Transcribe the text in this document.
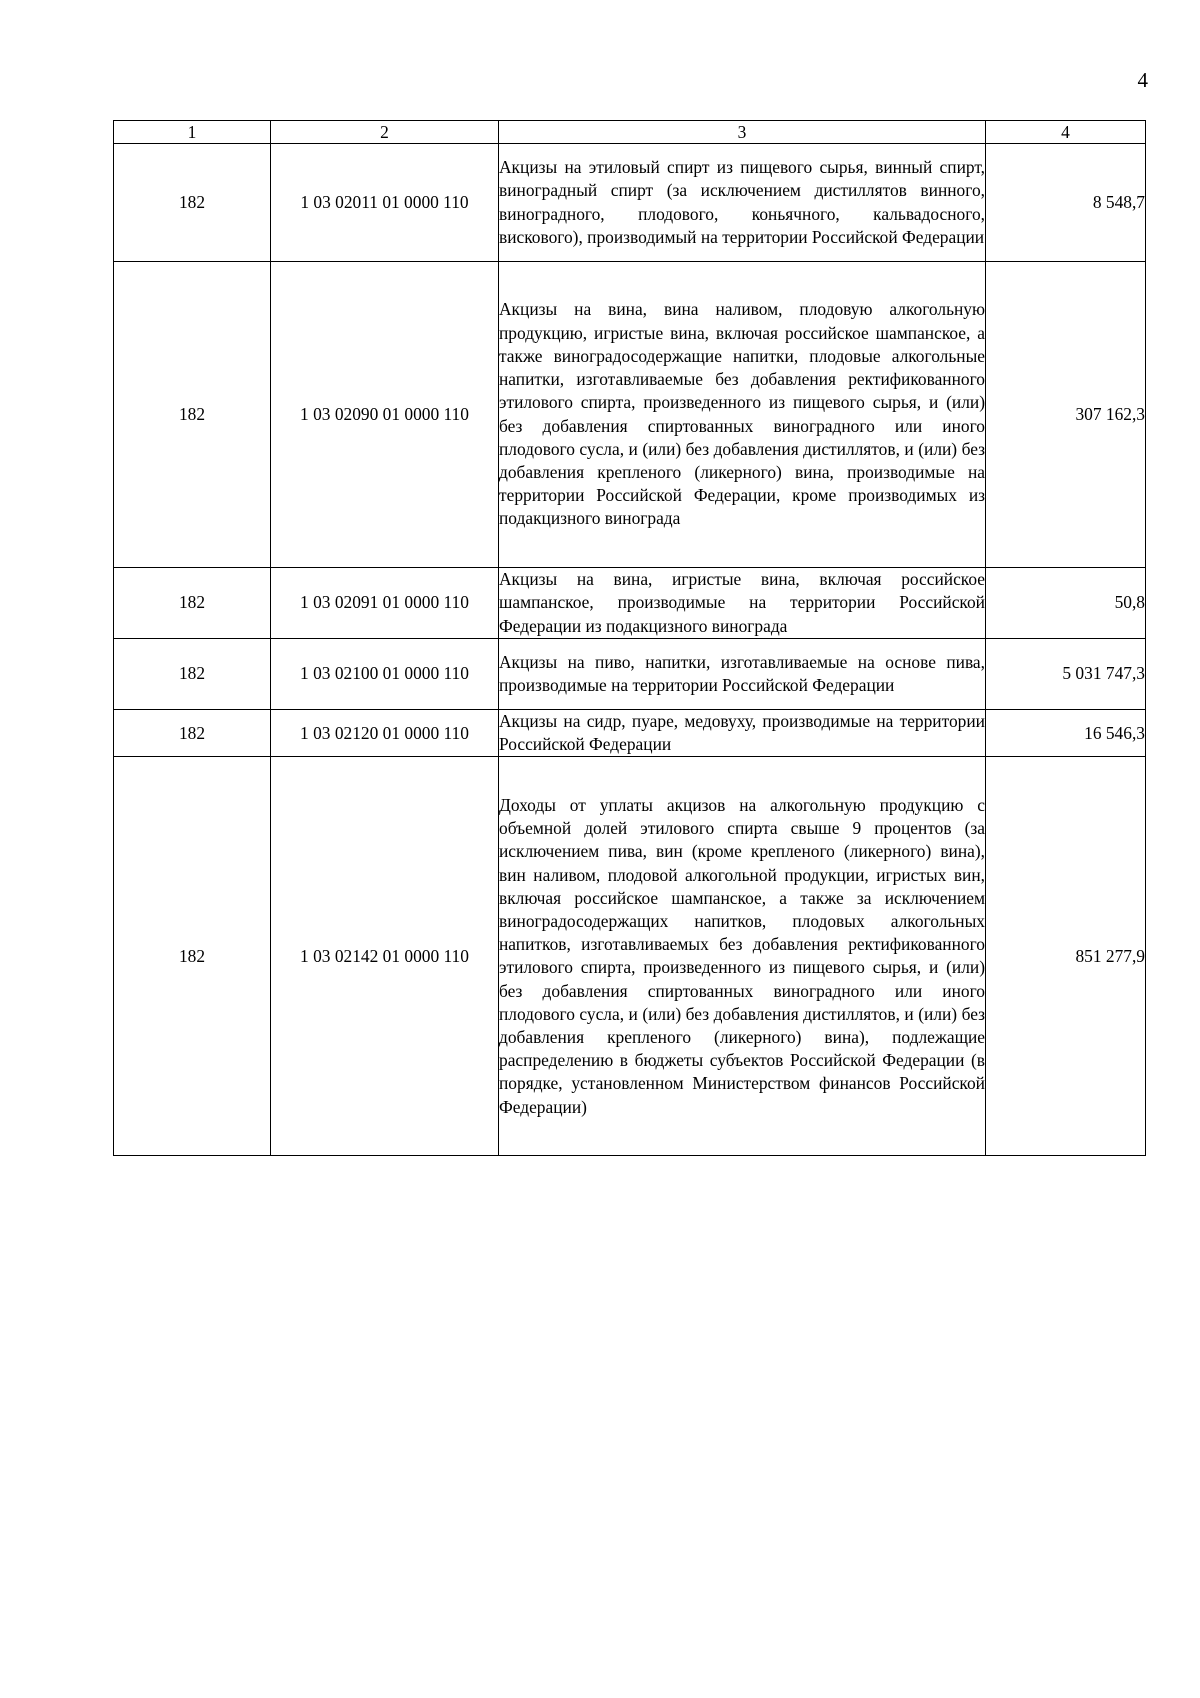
4
1	2	3	4
182	1 03 02011 01 0000 110	Акцизы на этиловый спирт из пищевого сырья, винный спирт, виноградный спирт (за исключением дистиллятов винного, виноградного, плодового, коньячного, кальвадосного, вискового), производимый на территории Российской Федерации	8 548,7
182	1 03 02090 01 0000 110	Акцизы на вина, вина наливом, плодовую алкогольную продукцию, игристые вина, включая российское шампанское, а также виноградосодержащие напитки, плодовые алкогольные напитки, изготавливаемые без добавления ректификованного этилового спирта, произведенного из пищевого сырья, и (или) без добавления спиртованных виноградного или иного плодового сусла, и (или) без добавления дистиллятов, и (или) без добавления крепленого (ликерного) вина, производимые на территории Российской Федерации, кроме производимых из подакцизного винограда	307 162,3
182	1 03 02091 01 0000 110	Акцизы на вина, игристые вина, включая российское шампанское, производимые на территории Российской Федерации из подакцизного винограда	50,8
182	1 03 02100 01 0000 110	Акцизы на пиво, напитки, изготавливаемые на основе пива, производимые на территории Российской Федерации	5 031 747,3
182	1 03 02120 01 0000 110	Акцизы на сидр, пуаре, медовуху, производимые на территории Российской Федерации	16 546,3
182	1 03 02142 01 0000 110	Доходы от уплаты акцизов на алкогольную продукцию с объемной долей этилового спирта свыше 9 процентов (за исключением пива, вин (кроме крепленого (ликерного) вина), вин наливом, плодовой алкогольной продукции, игристых вин, включая российское шампанское, а также за исключением виноградосодержащих напитков, плодовых алкогольных напитков, изготавливаемых без добавления ректификованного этилового спирта, произведенного из пищевого сырья, и (или) без добавления спиртованных виноградного или иного плодового сусла, и (или) без добавления дистиллятов, и (или) без добавления крепленого (ликерного) вина), подлежащие распределению в бюджеты субъектов Российской Федерации (в порядке, установленном Министерством финансов Российской Федерации)	851 277,9
